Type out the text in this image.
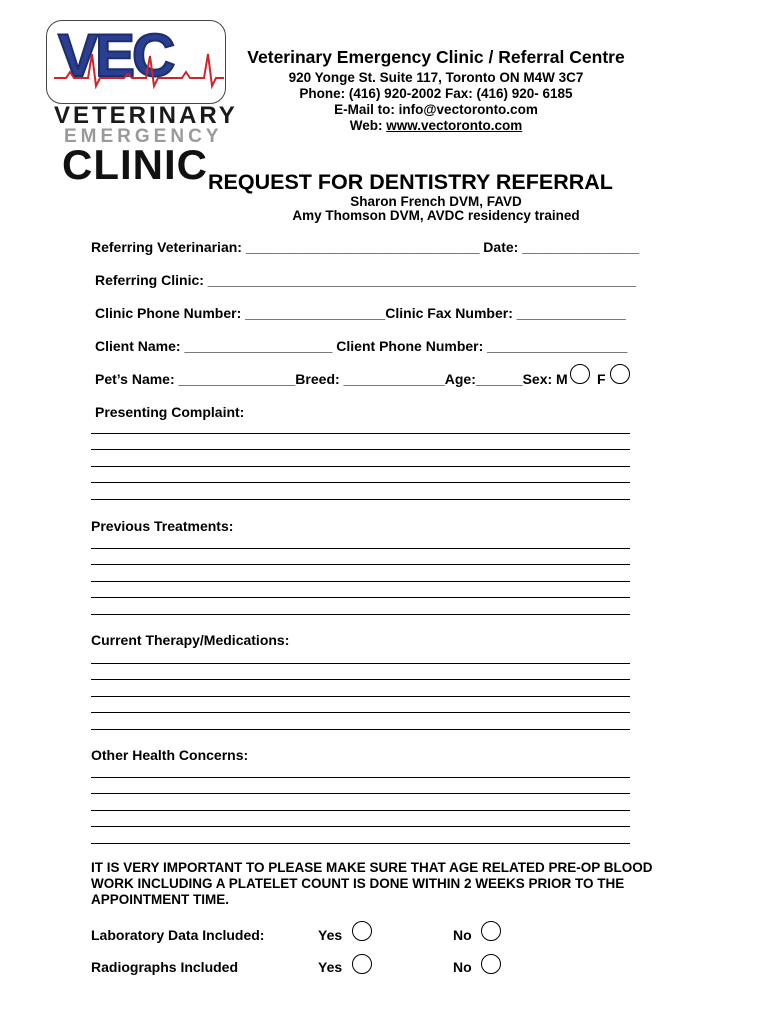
VEC
VETERINARY
EMERGENCY
CLINIC
Veterinary Emergency Clinic / Referral Centre
920 Yonge St. Suite 117, Toronto ON M4W 3C7
Phone: (416) 920-2002 Fax: (416) 920- 6185
E-Mail to: info@vectoronto.com
Web: www.vectoronto.com
REQUEST FOR DENTISTRY REFERRAL
Sharon French DVM, FAVD
Amy Thomson DVM, AVDC residency trained
Referring Veterinarian: ______________________________ Date: _______________
Referring Clinic: _______________________________________________________
Clinic Phone Number: __________________Clinic Fax Number: ______________
Client Name: ___________________ Client Phone Number: __________________
Pet’s Name: _______________Breed: _____________Age:______Sex: M F
Presenting Complaint:
Previous Treatments:
Current Therapy/Medications:
Other Health Concerns:
IT IS VERY IMPORTANT TO PLEASE MAKE SURE THAT AGE RELATED PRE-OP BLOOD WORK INCLUDING A PLATELET COUNT IS DONE WITHIN 2 WEEKS PRIOR TO THE APPOINTMENT TIME.
Laboratory Data Included:	Yes	No
Radiographs Included	Yes	No
